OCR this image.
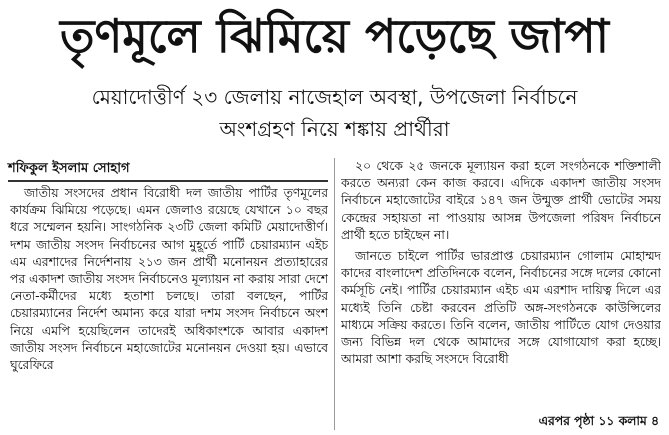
তৃণমূলে ঝিমিয়ে পড়েছে জাপা
মেয়াদোত্তীর্ণ ২৩ জেলায় নাজেহাল অবস্থা, উপজেলা নির্বাচনে
অংশগ্রহণ নিয়ে শঙ্কায় প্রার্থীরা
শফিকুল ইসলাম সোহাগ

জাতীয় সংসদের প্রধান বিরোধী দল জাতীয় পার্টির তৃণমূলের কার্যক্রম ঝিমিয়ে পড়েছে। এমন জেলাও রয়েছে যেখানে ১০ বছর ধরে সম্মেলন হয়নি। সাংগঠনিক ২৩টি জেলা কমিটি মেয়াদোত্তীর্ণ। দশম জাতীয় সংসদ নির্বাচনের আগ মুহূর্তে পার্টি চেয়ারম্যান এইচ এম এরশাদের নির্দেশনায় ২১৩ জন প্রার্থী মনোনয়ন প্রত্যাহারের পর একাদশ জাতীয় সংসদ নির্বাচনেও মূল্যায়ন না করায় সারা দেশে নেতা-কর্মীদের মধ্যে হতাশা চলছে। তারা বলছেন, পার্টির চেয়ারম্যানের নির্দেশ অমান্য করে যারা দশম সংসদ নির্বাচনে অংশ নিয়ে এমপি হয়েছিলেন তাদেরই অধিকাংশকে আবার একাদশ জাতীয় সংসদ নির্বাচনে মহাজোটের মনোনয়ন দেওয়া হয়। এভাবে ঘুরেফিরে

২০ থেকে ২৫ জনকে মূল্যায়ন করা হলে সংগঠনকে শক্তিশালী করতে অন্যরা কেন কাজ করবে। এদিকে একাদশ জাতীয় সংসদ নির্বাচনে মহাজোটের বাইরে ১৪৭ জন উন্মুক্ত প্রার্থী ভোটের সময় কেন্দ্রের সহায়তা না পাওয়ায় আসন্ন উপজেলা পরিষদ নির্বাচনে প্রার্থী হতে চাইছেন না।

জানতে চাইলে পার্টির ভারপ্রাপ্ত চেয়ারম্যান গোলাম মোহাম্মদ কাদের বাংলাদেশ প্রতিদিনকে বলেন, নির্বাচনের সঙ্গে দলের কোনো কর্মসূচি নেই। পার্টির চেয়ারম্যান এইচ এম এরশাদ দায়িত্ব দিলে এর মধ্যেই তিনি চেষ্টা করবেন প্রতিটি অঙ্গ-সংগঠনকে কাউন্সিলের মাধ্যমে সক্রিয় করতে। তিনি বলেন, জাতীয় পার্টিতে যোগ দেওয়ার জন্য বিভিন্ন দল থেকে আমাদের সঙ্গে যোগাযোগ করা হচ্ছে। আমরা আশা করছি সংসদে বিরোধী

এরপর পৃষ্ঠা ১১ কলাম ৪
